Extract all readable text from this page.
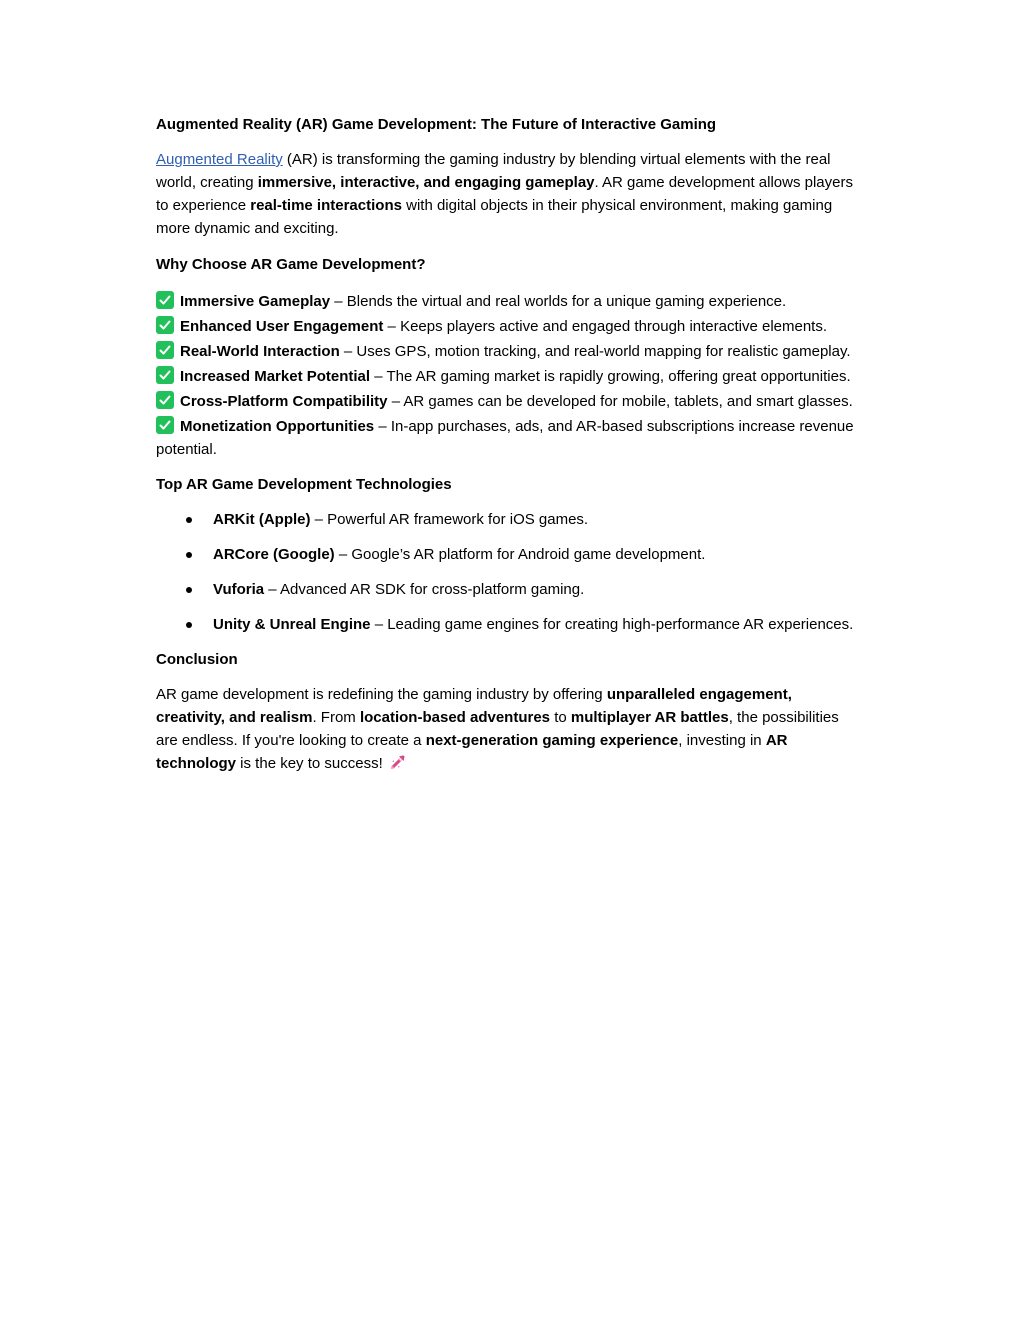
Augmented Reality (AR) Game Development: The Future of Interactive Gaming

Augmented Reality (AR) is transforming the gaming industry by blending virtual elements with the real world, creating immersive, interactive, and engaging gameplay. AR game development allows players to experience real-time interactions with digital objects in their physical environment, making gaming more dynamic and exciting.

Why Choose AR Game Development?

Immersive Gameplay – Blends the virtual and real worlds for a unique gaming experience.

Enhanced User Engagement – Keeps players active and engaged through interactive elements.

Real-World Interaction – Uses GPS, motion tracking, and real-world mapping for realistic gameplay.

Increased Market Potential – The AR gaming market is rapidly growing, offering great opportunities.

Cross-Platform Compatibility – AR games can be developed for mobile, tablets, and smart glasses.

Monetization Opportunities – In-app purchases, ads, and AR-based subscriptions increase revenue potential.

Top AR Game Development Technologies
ARKit (Apple) – Powerful AR framework for iOS games.
ARCore (Google) – Google’s AR platform for Android game development.
Vuforia – Advanced AR SDK for cross-platform gaming.
Unity & Unreal Engine – Leading game engines for creating high-performance AR experiences.
Conclusion

AR game development is redefining the gaming industry by offering unparalleled engagement, creativity, and realism. From location-based adventures to multiplayer AR battles, the possibilities are endless. If you're looking to create a next-generation gaming experience, investing in AR technology is the key to success!
